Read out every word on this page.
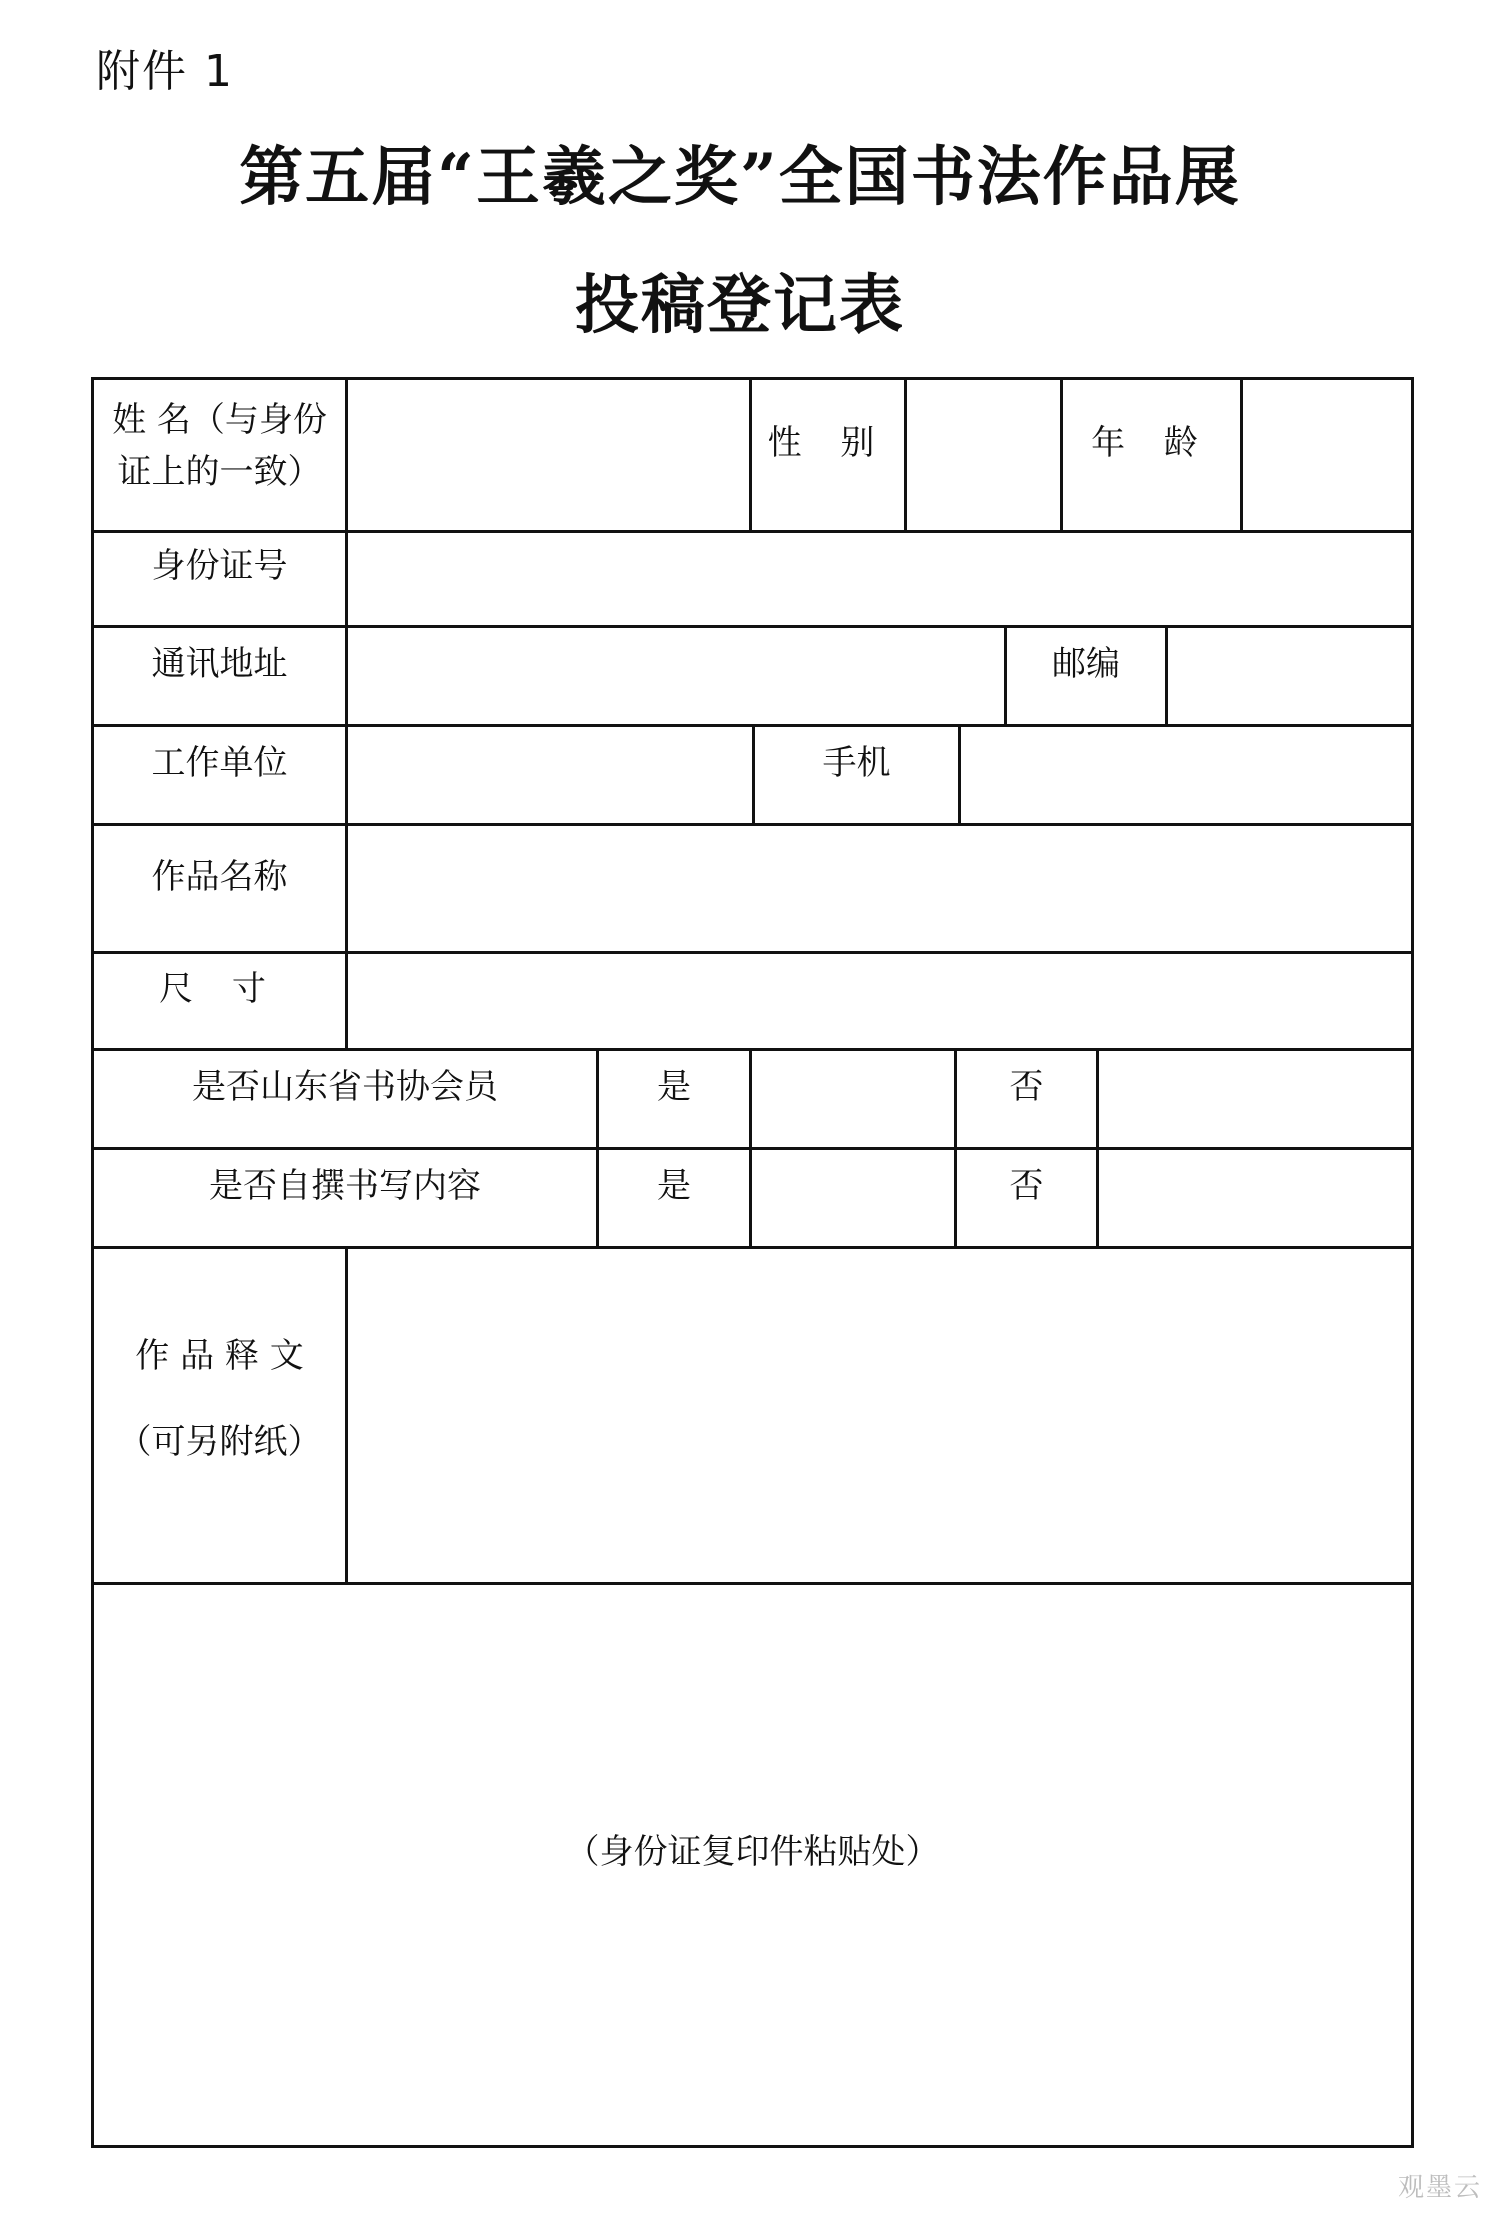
附件 1
第五届“王羲之奖”全国书法作品展
投稿登记表
姓 名（与身份
证上的一致）
性 别	年 龄
身份证号
通讯地址	邮编
工作单位	手机
作品名称
尺 寸
是否山东省书协会员	是	否
是否自撰书写内容	是	否
作 品 释 文
（可另附纸）
（身份证复印件粘贴处）
观墨云
